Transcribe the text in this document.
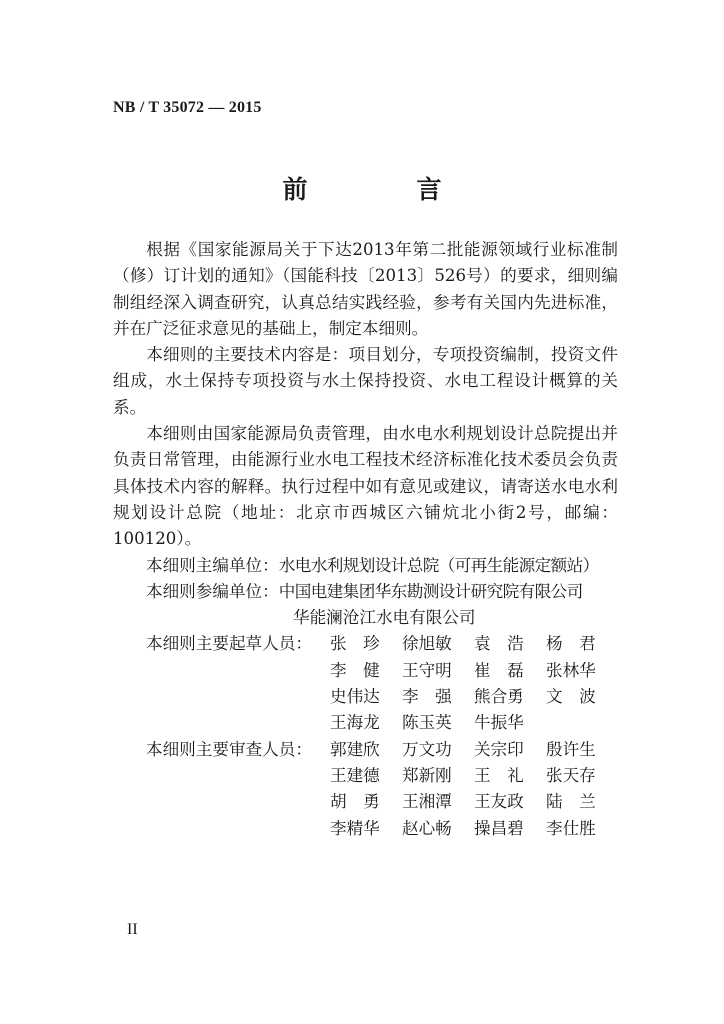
NB / T 35072 — 2015
前　言

根据《国家能源局关于下达2013年第二批能源领域行业标准制（修）订计划的通知》（国能科技〔2013〕526号）的要求，细则编制组经深入调查研究，认真总结实践经验，参考有关国内先进标准，并在广泛征求意见的基础上，制定本细则。

本细则的主要技术内容是：项目划分，专项投资编制，投资文件组成，水土保持专项投资与水土保持投资、水电工程设计概算的关系。

本细则由国家能源局负责管理，由水电水利规划设计总院提出并负责日常管理，由能源行业水电工程技术经济标准化技术委员会负责具体技术内容的解释。执行过程中如有意见或建议，请寄送水电水利规划设计总院（地址：北京市西城区六铺炕北小街2号，邮编：100120）。

本细则主编单位： 水电水利规划设计总院（可再生能源定额站）
本细则参编单位： 中国电建集团华东勘测设计研究院有限公司
华能澜沧江水电有限公司
本细则主要起草人员：	张　珍	徐旭敏	袁　浩	杨　君
李　健	王守明	崔　磊	张林华
史伟达	李　强	熊合勇	文　波
王海龙	陈玉英	牛振华
本细则主要审查人员：	郭建欣	万文功	关宗印	殷许生
王建德	郑新刚	王　礼	张天存
胡　勇	王湘潭	王友政	陆　兰
李精华	赵心畅	操昌碧	李仕胜
II
